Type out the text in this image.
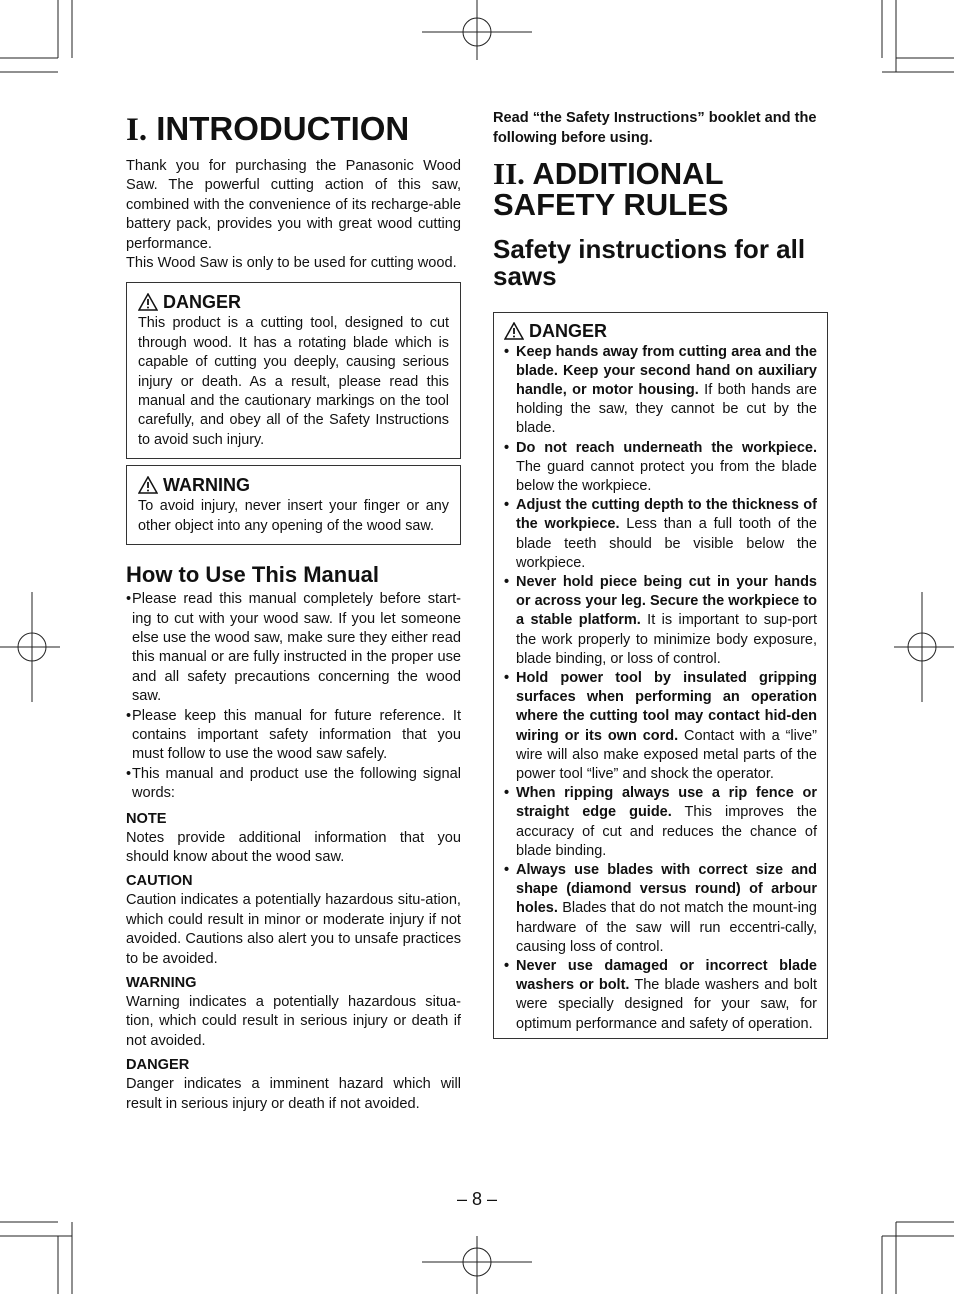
I. INTRODUCTION

Thank you for purchasing the Panasonic Wood Saw. The powerful cutting action of this saw, combined with the convenience of its recharge-able battery pack, provides you with great wood cutting performance.

This Wood Saw is only to be used for cutting wood.

DANGER

This product is a cutting tool, designed to cut through wood. It has a rotating blade which is capable of cutting you deeply, causing serious injury or death. As a result, please read this manual and the cautionary markings on the tool carefully, and obey all of the Safety Instructions to avoid such injury.

WARNING

To avoid injury, never insert your finger or any other object into any opening of the wood saw.

How to Use This Manual
• Please read this manual completely before start-ing to cut with your wood saw. If you let someone else use the wood saw, make sure they either read this manual or are fully instructed in the proper use and all safety precautions concerning the wood saw.
• Please keep this manual for future reference. It contains important safety information that you must follow to use the wood saw safely.
• This manual and product use the following signal words:

NOTE

Notes provide additional information that you should know about the wood saw.

CAUTION

Caution indicates a potentially hazardous situ-ation, which could result in minor or moderate injury if not avoided. Cautions also alert you to unsafe practices to be avoided.

WARNING

Warning indicates a potentially hazardous situa-tion, which could result in serious injury or death if not avoided.

DANGER

Danger indicates a imminent hazard which will result in serious injury or death if not avoided.

Read “the Safety Instructions” booklet and the following before using.

II. ADDITIONAL SAFETY RULES
Safety instructions for all saws
DANGER
• Keep hands away from cutting area and the blade. Keep your second hand on auxiliary handle, or motor housing. If both hands are holding the saw, they cannot be cut by the blade.
• Do not reach underneath the workpiece. The guard cannot protect you from the blade below the workpiece.
• Adjust the cutting depth to the thickness of the workpiece. Less than a full tooth of the blade teeth should be visible below the workpiece.
• Never hold piece being cut in your hands or across your leg. Secure the workpiece to a stable platform. It is important to sup-port the work properly to minimize body exposure, blade binding, or loss of control.
• Hold power tool by insulated gripping surfaces when performing an operation where the cutting tool may contact hid-den wiring or its own cord. Contact with a “live” wire will also make exposed metal parts of the power tool “live” and shock the operator.
• When ripping always use a rip fence or straight edge guide. This improves the accuracy of cut and reduces the chance of blade binding.
• Always use blades with correct size and shape (diamond versus round) of arbour holes. Blades that do not match the mount-ing hardware of the saw will run eccentri-cally, causing loss of control.
• Never use damaged or incorrect blade washers or bolt. The blade washers and bolt were specially designed for your saw, for optimum performance and safety of operation.
– 8 –
